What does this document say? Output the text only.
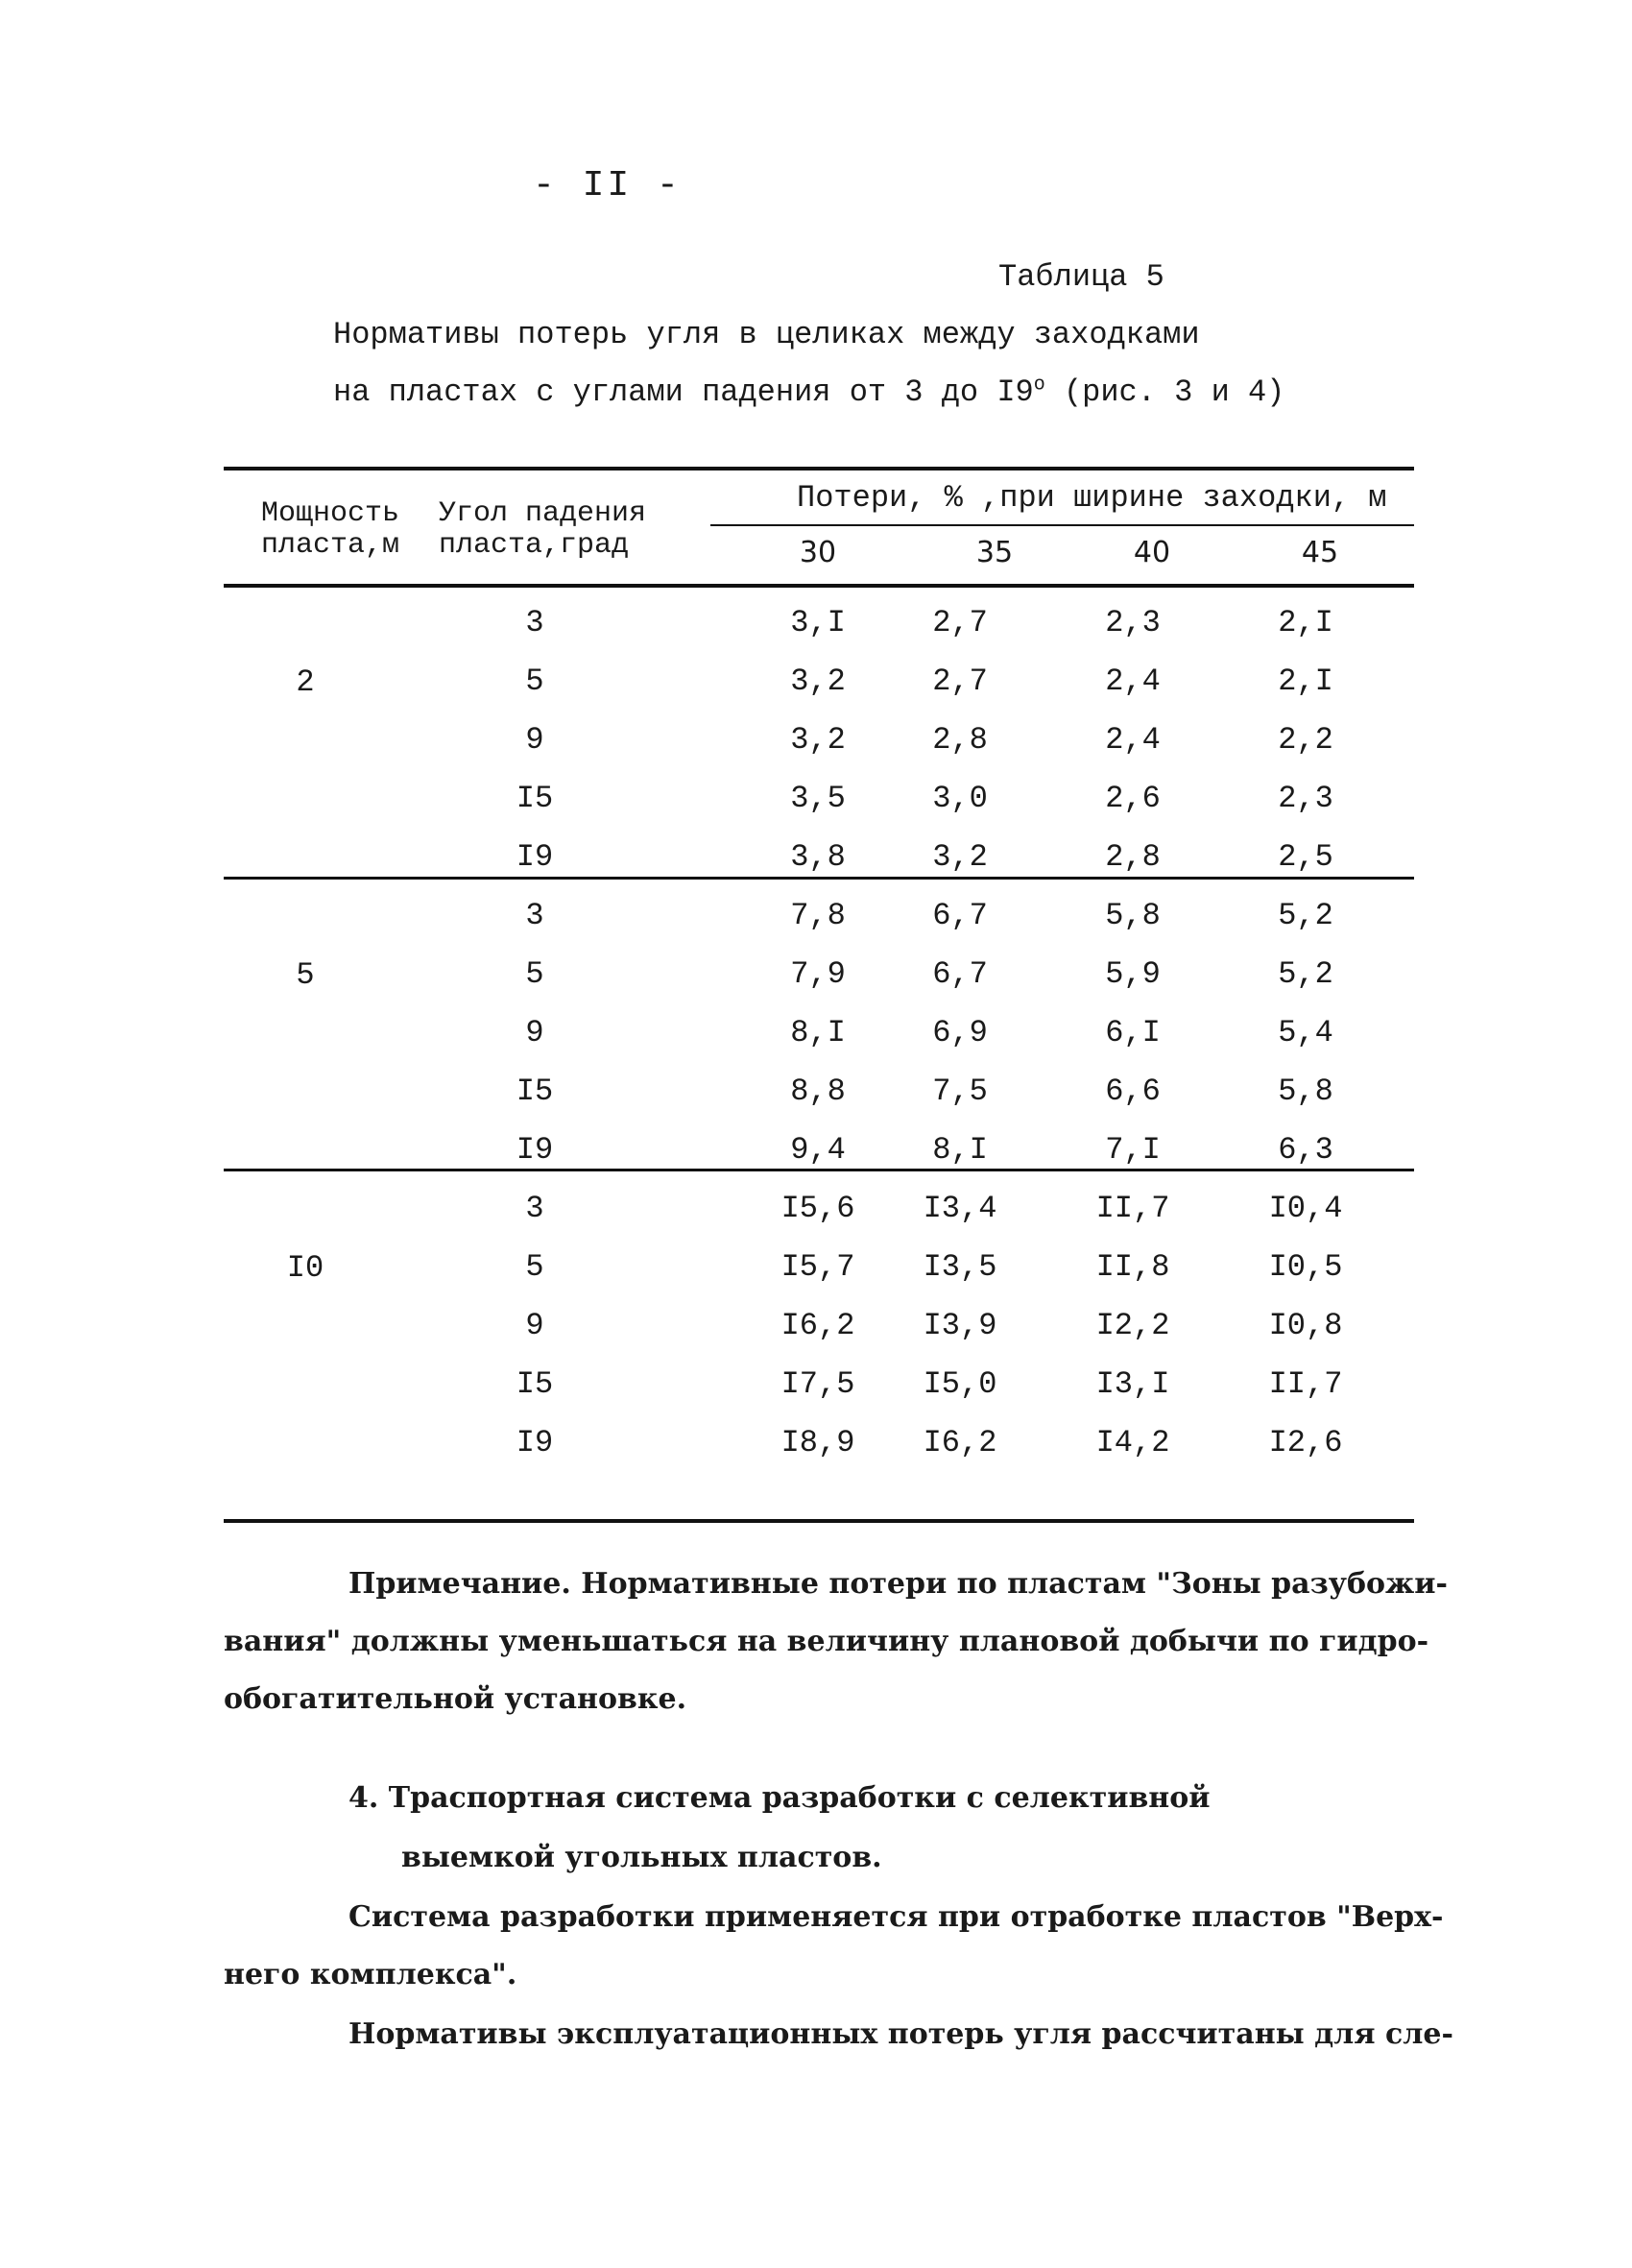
- II -
Таблица 5
Нормативы потерь угля в целиках между заходками
на пластах с углами падения от 3 до $I9^о$ (рис. 3 и 4)
Мощность
пласта,м
Угол падения
пласта,град
Потери, % ,при ширине заходки, м
30	35	40	45
2
3	3,I	2,7	2,3	2,I
5	3,2	2,7	2,4	2,I
9	3,2	2,8	2,4	2,2
I5	3,5	3,0	2,6	2,3
I9	3,8	3,2	2,8	2,5
5
3	7,8	6,7	5,8	5,2
5	7,9	6,7	5,9	5,2
9	8,I	6,9	6,I	5,4
I5	8,8	7,5	6,6	5,8
I9	9,4	8,I	7,I	6,3
I0
3	I5,6	I3,4	II,7	I0,4
5	I5,7	I3,5	II,8	I0,5
9	I6,2	I3,9	I2,2	I0,8
I5	I7,5	I5,0	I3,I	II,7
I9	I8,9	I6,2	I4,2	I2,6

Примечание. Нормативные потери по пластам "Зоны разубожи-

вания" должны уменьшаться на величину плановой добычи по гидро-

обогатительной установке.

4. Траспортная система разработки с селективной

выемкой угольных пластов.

Система разработки применяется при отработке пластов "Верх-

него комплекса".

Нормативы эксплуатационных потерь угля рассчитаны для сле-
